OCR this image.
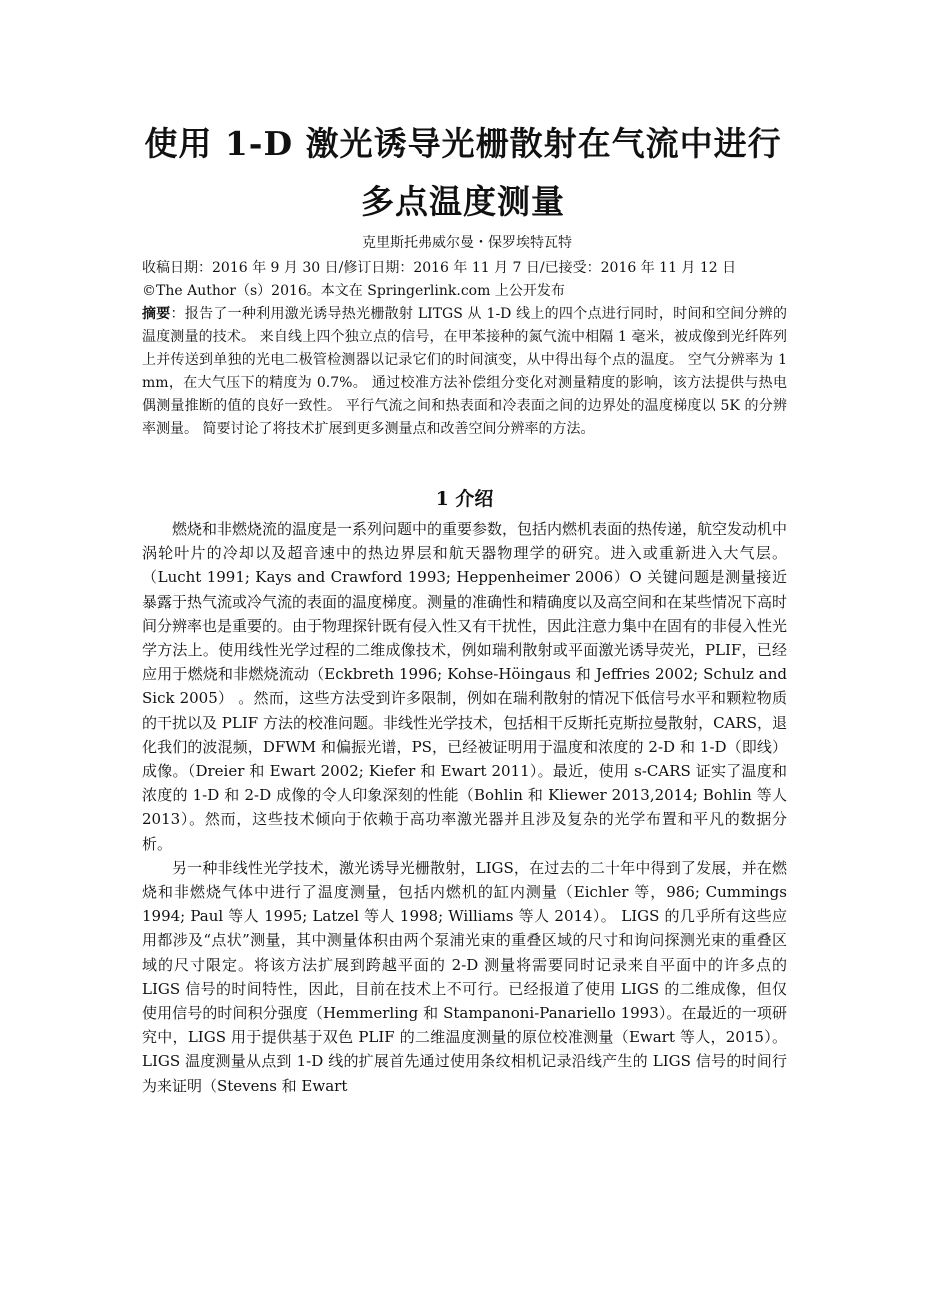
使用 1-D 激光诱导光栅散射在气流中进行
多点温度测量
克里斯托弗威尔曼・保罗埃特瓦特
收稿日期：2016 年 9 月 30 日/修订日期：2016 年 11 月 7 日/已接受：2016 年 11 月 12 日
©The Author（s）2016。本文在 Springerlink.com 上公开发布

摘要：报告了一种利用激光诱导热光栅散射 LITGS 从 1-D 线上的四个点进行同时，时间和空间分辨的温度测量的技术。 来自线上四个独立点的信号，在甲苯接种的氮气流中相隔 1 毫米，被成像到光纤阵列上并传送到单独的光电二极管检测器以记录它们的时间演变，从中得出每个点的温度。 空气分辨率为 1 mm，在大气压下的精度为 0.7%。 通过校准方法补偿组分变化对测量精度的影响，该方法提供与热电偶测量推断的值的良好一致性。 平行气流之间和热表面和冷表面之间的边界处的温度梯度以 5K 的分辨率测量。 简要讨论了将技术扩展到更多测量点和改善空间分辨率的方法。

1 介绍

燃烧和非燃烧流的温度是一系列问题中的重要参数，包括内燃机表面的热传递，航空发动机中涡轮叶片的冷却以及超音速中的热边界层和航天器物理学的研究。进入或重新进入大气层。 （Lucht 1991; Kays and Crawford 1993; Heppenheimer 2006）O 关键问题是测量接近暴露于热气流或冷气流的表面的温度梯度。测量的准确性和精确度以及高空间和在某些情况下高时间分辨率也是重要的。由于物理探针既有侵入性又有干扰性，因此注意力集中在固有的非侵入性光学方法上。使用线性光学过程的二维成像技术，例如瑞利散射或平面激光诱导荧光，PLIF，已经应用于燃烧和非燃烧流动（Eckbreth 1996; Kohse-Höingaus 和 Jeffries 2002; Schulz and Sick 2005） 。然而，这些方法受到许多限制，例如在瑞利散射的情况下低信号水平和颗粒物质的干扰以及 PLIF 方法的校准问题。非线性光学技术，包括相干反斯托克斯拉曼散射，CARS，退化我们的波混频，DFWM 和偏振光谱，PS，已经被证明用于温度和浓度的 2-D 和 1-D（即线）成像。（Dreier 和 Ewart 2002; Kiefer 和 Ewart 2011）。最近，使用 s-CARS 证实了温度和浓度的 1-D 和 2-D 成像的令人印象深刻的性能（Bohlin 和 Kliewer 2013,2014; Bohlin 等人 2013）。然而，这些技术倾向于依赖于高功率激光器并且涉及复杂的光学布置和平凡的数据分析。

另一种非线性光学技术，激光诱导光栅散射，LIGS，在过去的二十年中得到了发展，并在燃烧和非燃烧气体中进行了温度测量，包括内燃机的缸内测量（Eichler 等，986; Cummings 1994; Paul 等人 1995; Latzel 等人 1998; Williams 等人 2014）。 LIGS 的几乎所有这些应用都涉及“点状”测量，其中测量体积由两个泵浦光束的重叠区域的尺寸和询问探测光束的重叠区域的尺寸限定。将该方法扩展到跨越平面的 2-D 测量将需要同时记录来自平面中的许多点的 LIGS 信号的时间特性，因此，目前在技术上不可行。已经报道了使用 LIGS 的二维成像，但仅使用信号的时间积分强度（Hemmerling 和 Stampanoni-Panariello 1993）。在最近的一项研究中，LIGS 用于提供基于双色 PLIF 的二维温度测量的原位校准测量（Ewart 等人，2015）。 LIGS 温度测量从点到 1-D 线的扩展首先通过使用条纹相机记录沿线产生的 LIGS 信号的时间行为来证明（Stevens 和 Ewart
